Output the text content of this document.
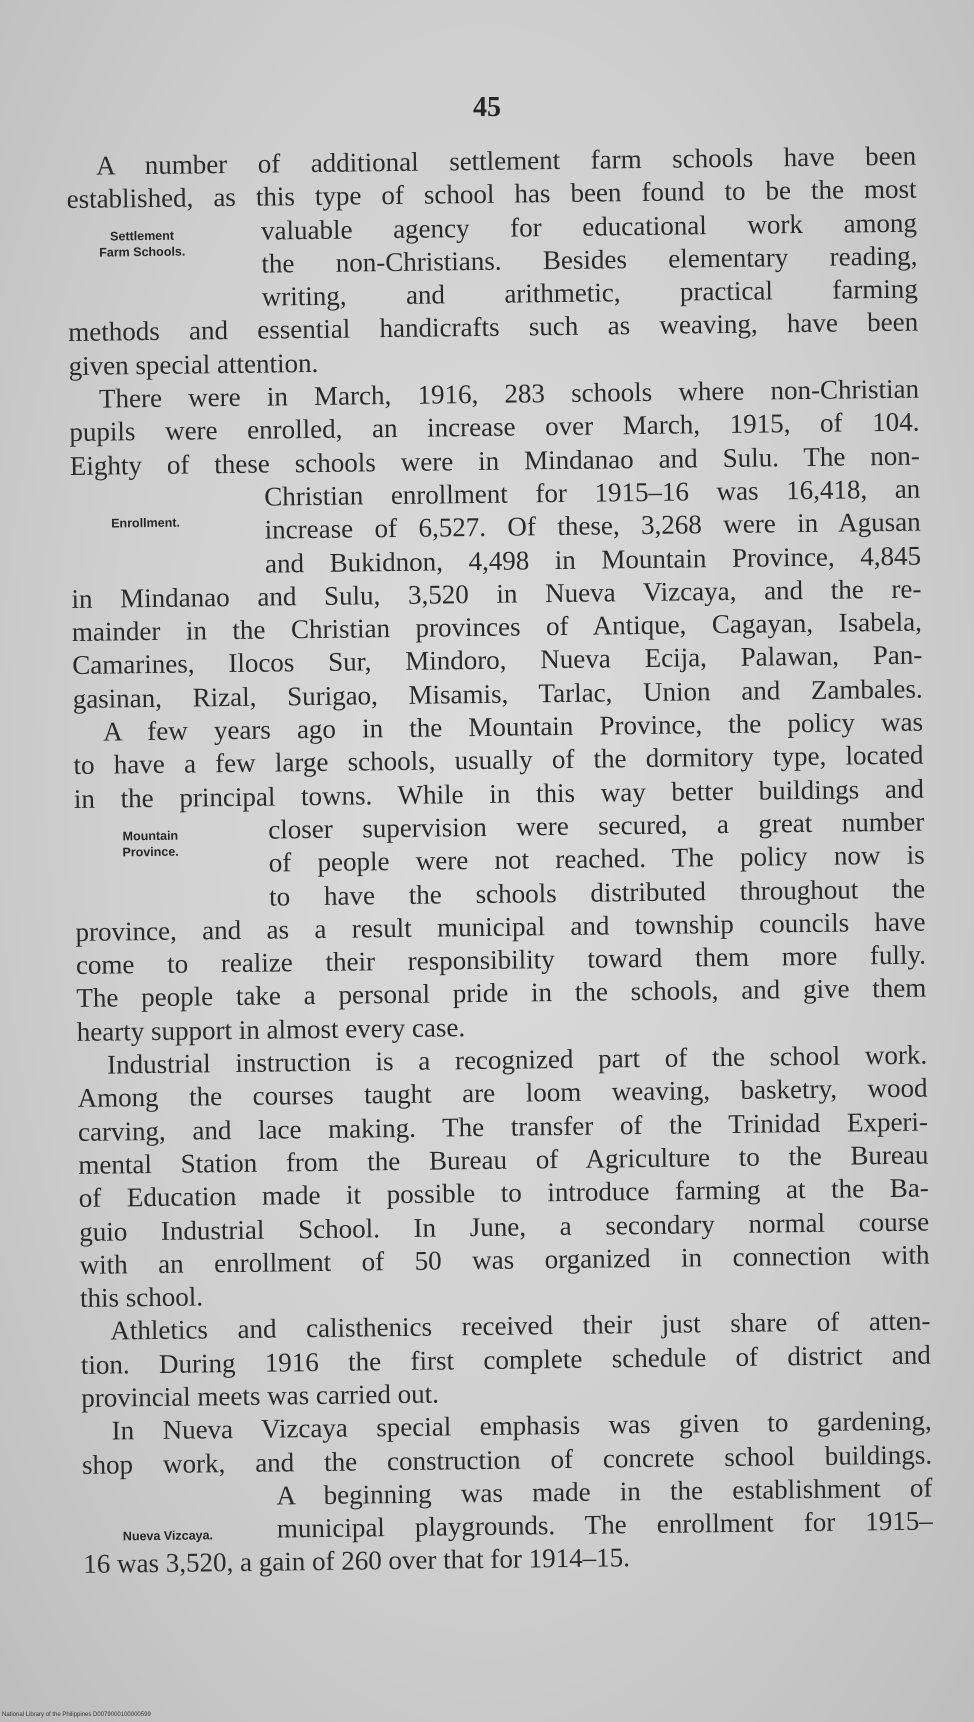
45
A number of additional settlement farm schools have been
established, as this type of school has been found to be the most
valuable agency for educational work among
the non-Christians. Besides elementary reading,
writing, and arithmetic, practical farming
methods and essential handicrafts such as weaving, have been
given special attention.
There were in March, 1916, 283 schools where non-Christian
pupils were enrolled, an increase over March, 1915, of 104.
Eighty of these schools were in Mindanao and Sulu. The non-
Christian enrollment for 1915–16 was 16,418, an
increase of 6,527. Of these, 3,268 were in Agusan
and Bukidnon, 4,498 in Mountain Province, 4,845
in Mindanao and Sulu, 3,520 in Nueva Vizcaya, and the re-
mainder in the Christian provinces of Antique, Cagayan, Isabela,
Camarines, Ilocos Sur, Mindoro, Nueva Ecija, Palawan, Pan-
gasinan, Rizal, Surigao, Misamis, Tarlac, Union and Zambales.
A few years ago in the Mountain Province, the policy was
to have a few large schools, usually of the dormitory type, located
in the principal towns. While in this way better buildings and
closer supervision were secured, a great number
of people were not reached. The policy now is
to have the schools distributed throughout the
province, and as a result municipal and township councils have
come to realize their responsibility toward them more fully.
The people take a personal pride in the schools, and give them
hearty support in almost every case.
Industrial instruction is a recognized part of the school work.
Among the courses taught are loom weaving, basketry, wood
carving, and lace making. The transfer of the Trinidad Experi-
mental Station from the Bureau of Agriculture to the Bureau
of Education made it possible to introduce farming at the Ba-
guio Industrial School. In June, a secondary normal course
with an enrollment of 50 was organized in connection with
this school.
Athletics and calisthenics received their just share of atten-
tion. During 1916 the first complete schedule of district and
provincial meets was carried out.
In Nueva Vizcaya special emphasis was given to gardening,
shop work, and the construction of concrete school buildings.
A beginning was made in the establishment of
municipal playgrounds. The enrollment for 1915–
16 was 3,520, a gain of 260 over that for 1914–15.
Settlement Farm Schools.
Enrollment.
Mountain Province.
Nueva Vizcaya.
National Library of the Philippines D0079000100000599
